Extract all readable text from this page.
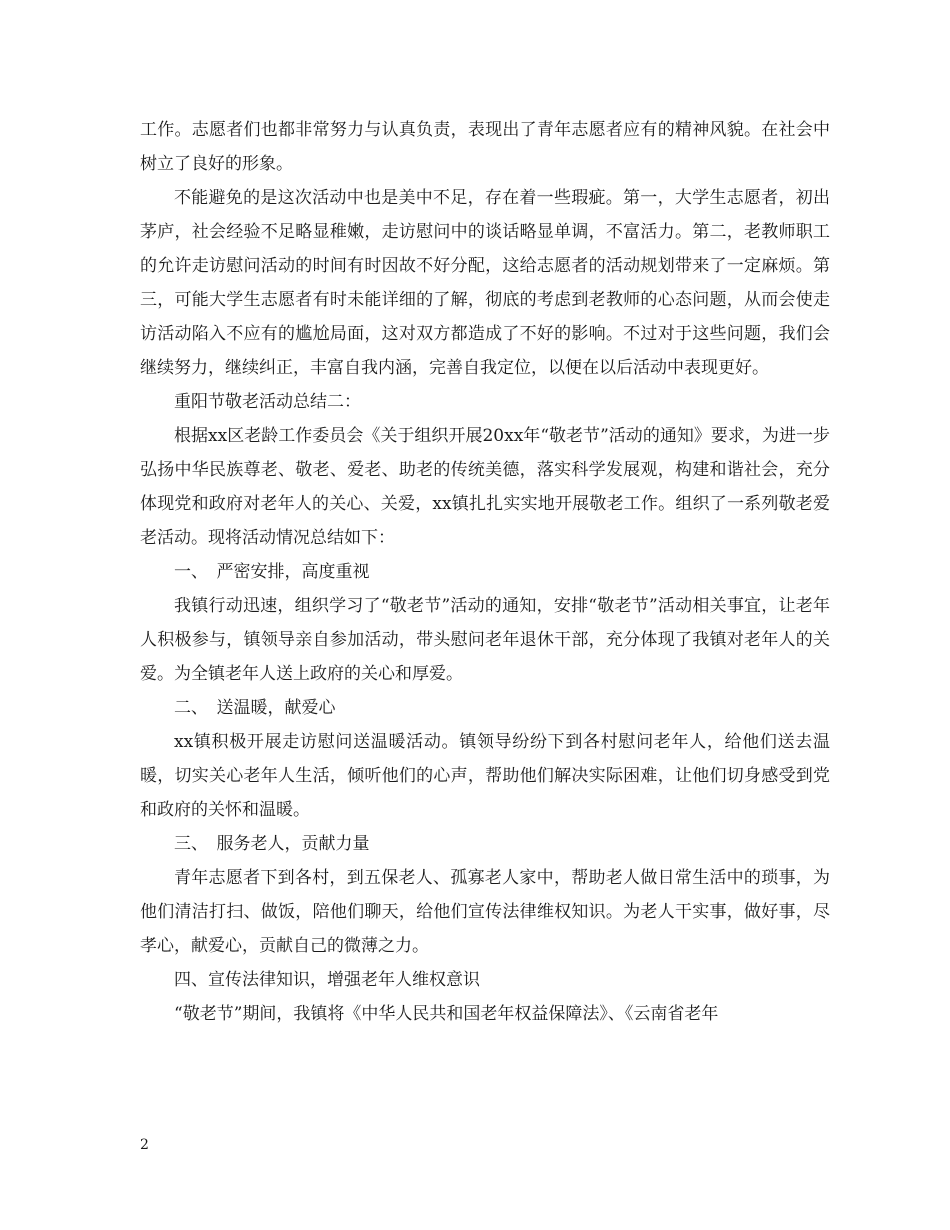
工作。志愿者们也都非常努力与认真负责，表现出了青年志愿者应有的精神风貌。在社会中树立了良好的形象。

不能避免的是这次活动中也是美中不足，存在着一些瑕疵。第一，大学生志愿者，初出茅庐，社会经验不足略显稚嫩，走访慰问中的谈话略显单调，不富活力。第二，老教师职工的允许走访慰问活动的时间有时因故不好分配，这给志愿者的活动规划带来了一定麻烦。第三，可能大学生志愿者有时未能详细的了解，彻底的考虑到老教师的心态问题，从而会使走访活动陷入不应有的尴尬局面，这对双方都造成了不好的影响。不过对于这些问题，我们会继续努力，继续纠正，丰富自我内涵，完善自我定位，以便在以后活动中表现更好。

重阳节敬老活动总结二：

根据xx区老龄工作委员会《关于组织开展20xx年“敬老节”活动的通知》要求，为进一步弘扬中华民族尊老、敬老、爱老、助老的传统美德，落实科学发展观，构建和谐社会，充分体现党和政府对老年人的关心、关爱，xx镇扎扎实实地开展敬老工作。组织了一系列敬老爱老活动。现将活动情况总结如下：

一、　严密安排，高度重视

我镇行动迅速，组织学习了“敬老节”活动的通知，安排“敬老节”活动相关事宜，让老年人积极参与，镇领导亲自参加活动，带头慰问老年退休干部，充分体现了我镇对老年人的关爱。为全镇老年人送上政府的关心和厚爱。

二、　送温暖，献爱心

xx镇积极开展走访慰问送温暖活动。镇领导纷纷下到各村慰问老年人，给他们送去温暖，切实关心老年人生活，倾听他们的心声，帮助他们解决实际困难，让他们切身感受到党和政府的关怀和温暖。

三、　服务老人，贡献力量

青年志愿者下到各村，到五保老人、孤寡老人家中，帮助老人做日常生活中的琐事，为他们清洁打扫、做饭，陪他们聊天，给他们宣传法律维权知识。为老人干实事，做好事，尽孝心，献爱心，贡献自己的微薄之力。

四、宣传法律知识，增强老年人维权意识

“敬老节”期间，我镇将《中华人民共和国老年权益保障法》、《云南省老年

2
